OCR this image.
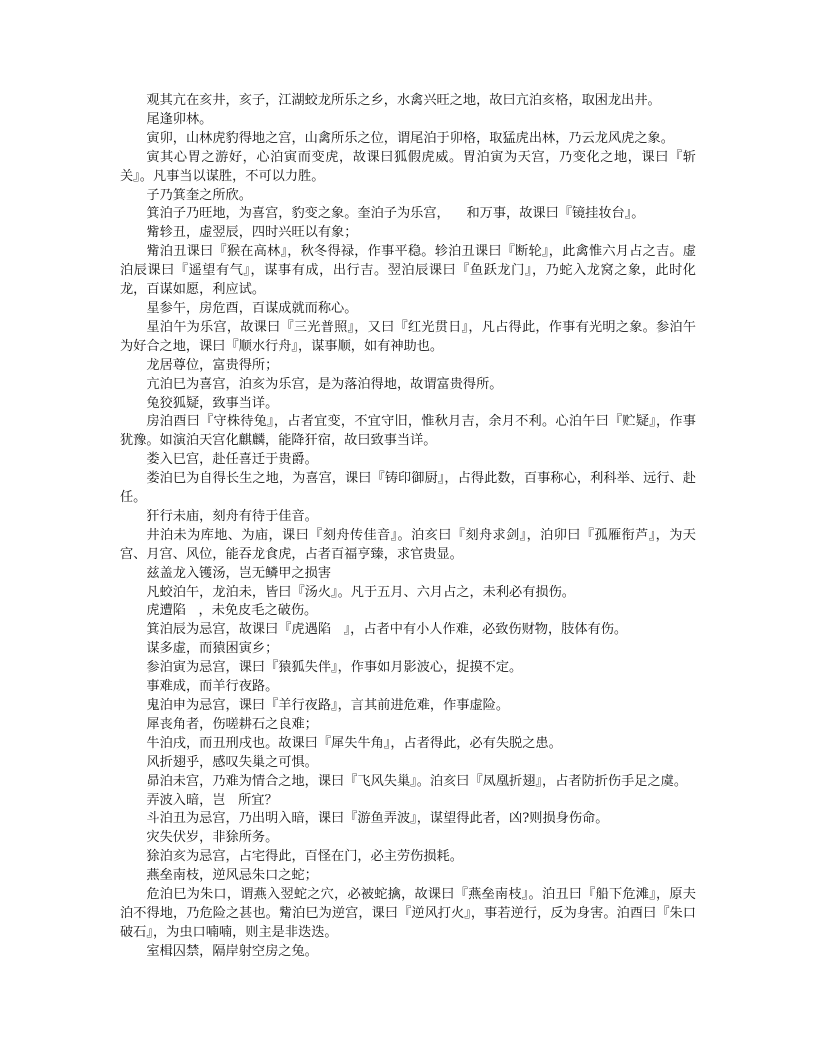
观其亢在亥井，亥子，江湖蛟龙所乐之乡，水禽兴旺之地，故曰亢泊亥格，取困龙出井。

尾逢卯林。

寅卯，山林虎豹得地之宫，山禽所乐之位，谓尾泊于卯格，取猛虎出林，乃云龙风虎之象。

寅其心胃之游好，心泊寅而变虎，故课曰狐假虎威。胃泊寅为天宫，乃变化之地，课曰『斩关』。凡事当以谋胜，不可以力胜。

子乃箕奎之所欣。

箕泊子乃旺地，为喜宫，豹变之象。奎泊子为乐宫，    和万事，故课曰『镜挂妆台』。

觜轸丑，虚翌辰，四时兴旺以有象；

觜泊丑课曰『猴在高林』，秋冬得禄，作事平稳。轸泊丑课曰『断轮』，此禽惟六月占之吉。虚泊辰课曰『遥望有气』，谋事有成，出行吉。翌泊辰课曰『鱼跃龙门』，乃蛇入龙窝之象，此时化龙，百谋如愿，利应试。

星参午，房危酉，百谋成就而称心。

星泊午为乐宫，故课曰『三光普照』，又曰『红光贯日』，凡占得此，作事有光明之象。参泊午为好合之地，课曰『顺水行舟』，谋事顺，如有神助也。

龙居尊位，富贵得所；

亢泊巳为喜宫，泊亥为乐宫，是为落泊得地，故谓富贵得所。

兔狡狐疑，致事当详。

房泊酉曰『守株待兔』，占者宜变，不宜守旧，惟秋月吉，余月不利。心泊午曰『贮疑』，作事犹豫。如演泊天宫化麒麟，能降犴宿，故曰致事当详。

娄入巳宫，赴任喜迁于贵爵。

娄泊巳为自得长生之地，为喜宫，课曰『铸印御厨』，占得此数，百事称心，利科举、远行、赴任。

犴行未庙，刻舟有待于佳音。

井泊未为库地、为庙，课曰『刻舟传佳音』。泊亥曰『刻舟求剑』，泊卯曰『孤雁衔芦』，为天宫、月宫、风位，能吞龙食虎，占者百福亨臻，求官贵显。

兹盖龙入镬汤，岂无鳞甲之损害

凡蛟泊午，龙泊未，皆曰『汤火』。凡于五月、六月占之，未利必有损伤。

虎遭陷   ，未免皮毛之破伤。

箕泊辰为忌宫，故课曰『虎遇陷   』，占者中有小人作难，必致伤财物，肢体有伤。

谋多虚，而猿困寅乡；

参泊寅为忌宫，课曰『猿狐失伴』，作事如月影波心，捉摸不定。

事难成，而羊行夜路。

鬼泊申为忌宫，课曰『羊行夜路』，言其前进危难，作事虚险。

犀丧角者，伤嗟耕石之良难；

牛泊戌，而丑刑戌也。故课曰『犀失牛角』，占者得此，必有失脱之患。

风折翅乎，感叹失巢之可惧。

昴泊未宫，乃难为情合之地，课曰『飞风失巢』。泊亥曰『凤凰折翅』，占者防折伤手足之虞。

弄波入暗，岂   所宜？

斗泊丑为忌宫，乃出明入暗，课曰『游鱼弄波』，谋望得此者，凶?则损身伤命。

灾失伏岁，非狳所务。

狳泊亥为忌宫，占宅得此，百怪在门，必主劳伤损耗。

燕垒南枝，逆风忌朱口之蛇；

危泊巳为朱口，谓燕入翌蛇之穴，必被蛇擒，故课曰『燕垒南枝』。泊丑曰『船下危滩』，原夫泊不得地，乃危险之甚也。觜泊巳为逆宫，课曰『逆风打火』，事若逆行，反为身害。泊酉曰『朱口破石』，为虫口喃喃，则主是非迭迭。

室楫囚禁，隔岸射空房之兔。
